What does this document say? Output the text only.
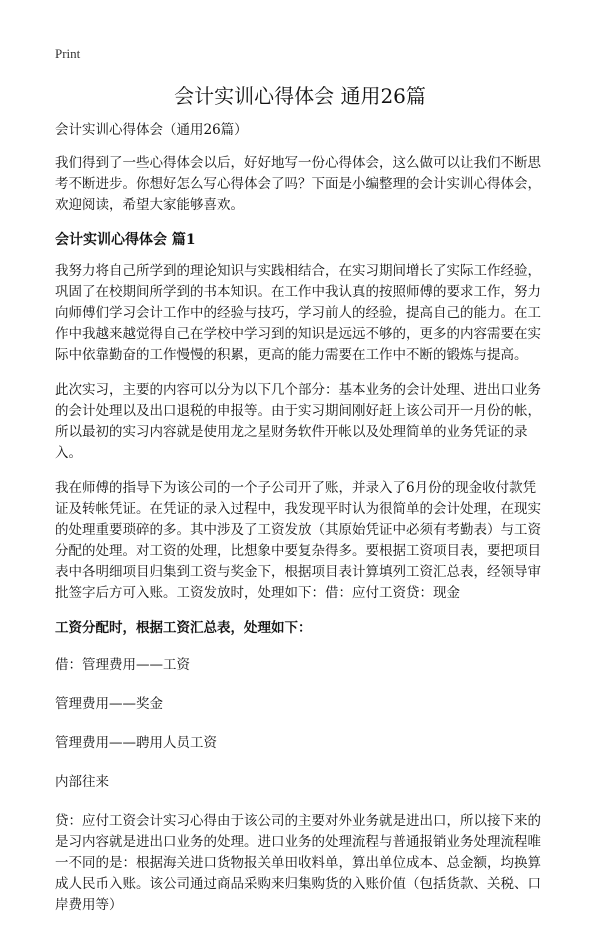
Print
会计实训心得体会 通用26篇

会计实训心得体会（通用26篇）

我们得到了一些心得体会以后，好好地写一份心得体会，这么做可以让我们不断思考不断进步。你想好怎么写心得体会了吗？下面是小编整理的会计实训心得体会，欢迎阅读，希望大家能够喜欢。

会计实训心得体会 篇1

我努力将自己所学到的理论知识与实践相结合，在实习期间增长了实际工作经验，巩固了在校期间所学到的书本知识。在工作中我认真的按照师傅的要求工作，努力向师傅们学习会计工作中的经验与技巧，学习前人的经验，提高自己的能力。在工作中我越来越觉得自己在学校中学习到的知识是远远不够的，更多的内容需要在实际中依靠勤奋的工作慢慢的积累，更高的能力需要在工作中不断的锻炼与提高。

此次实习，主要的内容可以分为以下几个部分：基本业务的会计处理、进出口业务的会计处理以及出口退税的申报等。由于实习期间刚好赶上该公司开一月份的帐，所以最初的实习内容就是使用龙之星财务软件开帐以及处理简单的业务凭证的录入。

我在师傅的指导下为该公司的一个子公司开了账，并录入了6月份的现金收付款凭证及转帐凭证。在凭证的录入过程中，我发现平时认为很简单的会计处理，在现实的处理重要琐碎的多。其中涉及了工资发放（其原始凭证中必须有考勤表）与工资分配的处理。对工资的处理，比想象中要复杂得多。要根据工资项目表，要把项目表中各明细项目归集到工资与奖金下，根据项目表计算填列工资汇总表，经领导审批签字后方可入账。工资发放时，处理如下：借：应付工资贷：现金

工资分配时，根据工资汇总表，处理如下：

借：管理费用——工资

管理费用——奖金

管理费用——聘用人员工资

内部往来

贷：应付工资会计实习心得由于该公司的主要对外业务就是进出口，所以接下来的是习内容就是进出口业务的处理。进口业务的处理流程与普通报销业务处理流程唯一不同的是：根据海关进口货物报关单田收料单，算出单位成本、总金额，均换算成人民币入账。该公司通过商品采购来归集购货的入账价值（包括货款、关税、口岸费用等）
